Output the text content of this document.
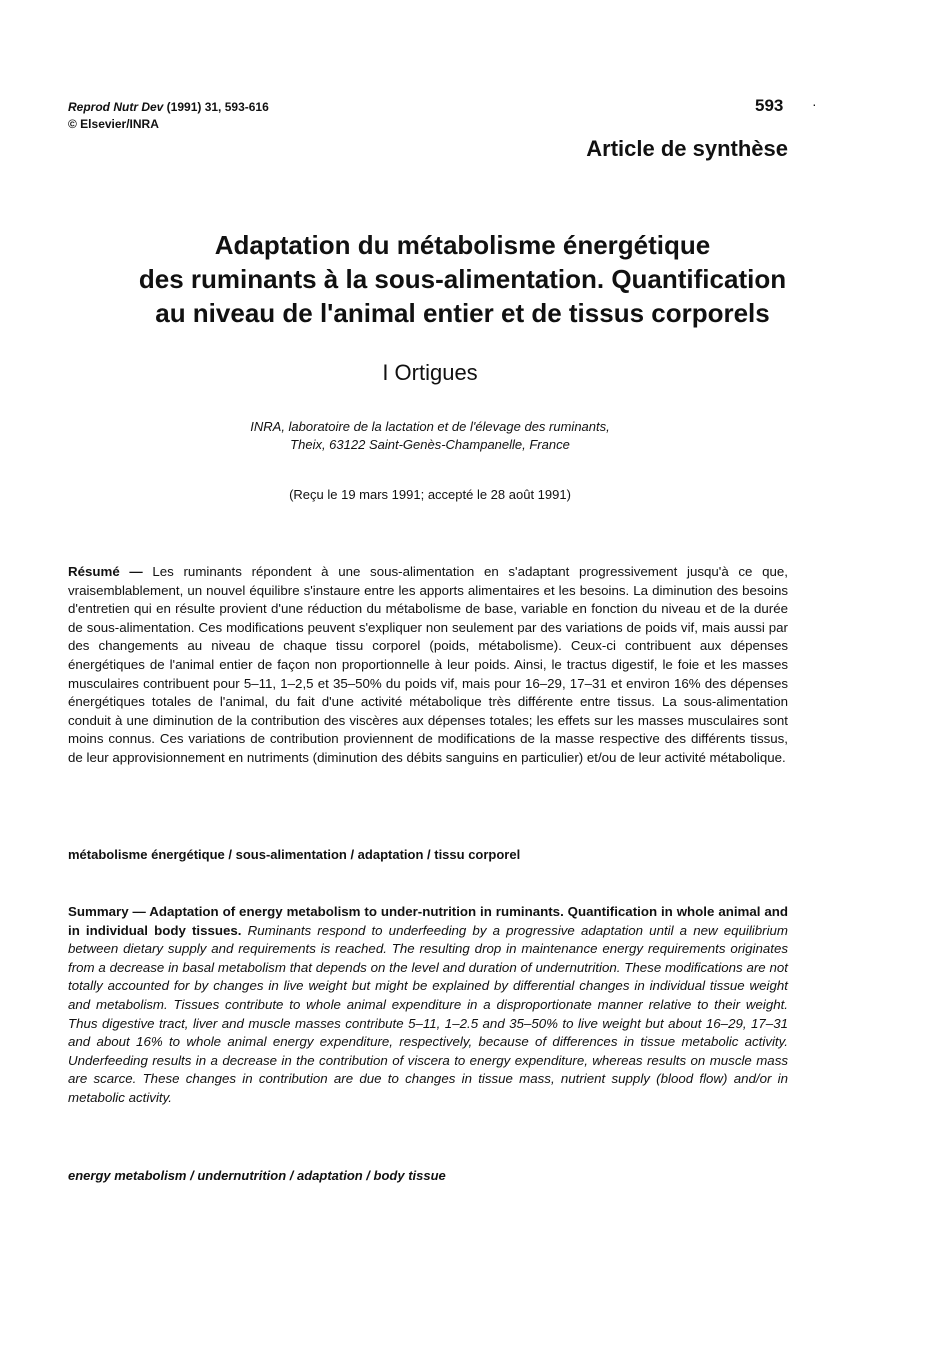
Reprod Nutr Dev (1991) 31, 593-616
© Elsevier/INRA
593 ·
Article de synthèse
Adaptation du métabolisme énergétique
des ruminants à la sous-alimentation. Quantification
au niveau de l'animal entier et de tissus corporels
I Ortigues
INRA, laboratoire de la lactation et de l'élevage des ruminants,
Theix, 63122 Saint-Genès-Champanelle, France
(Reçu le 19 mars 1991; accepté le 28 août 1991)
Résumé — Les ruminants répondent à une sous-alimentation en s'adaptant progressivement jusqu'à ce que, vraisemblablement, un nouvel équilibre s'instaure entre les apports alimentaires et les besoins. La diminution des besoins d'entretien qui en résulte provient d'une réduction du métabolisme de base, variable en fonction du niveau et de la durée de sous-alimentation. Ces modifications peuvent s'expliquer non seulement par des variations de poids vif, mais aussi par des changements au niveau de chaque tissu corporel (poids, métabolisme). Ceux-ci contribuent aux dépenses énergétiques de l'animal entier de façon non proportionnelle à leur poids. Ainsi, le tractus digestif, le foie et les masses musculaires contribuent pour 5–11, 1–2,5 et 35–50% du poids vif, mais pour 16–29, 17–31 et environ 16% des dépenses énergétiques totales de l'animal, du fait d'une activité métabolique très différente entre tissus. La sous-alimentation conduit à une diminution de la contribution des viscères aux dépenses totales; les effets sur les masses musculaires sont moins connus. Ces variations de contribution proviennent de modifications de la masse respective des différents tissus, de leur approvisionnement en nutriments (diminution des débits sanguins en particulier) et/ou de leur activité métabolique.
métabolisme énergétique / sous-alimentation / adaptation / tissu corporel
Summary — Adaptation of energy metabolism to under-nutrition in ruminants. Quantification in whole animal and in individual body tissues. Ruminants respond to underfeeding by a progressive adaptation until a new equilibrium between dietary supply and requirements is reached. The resulting drop in maintenance energy requirements originates from a decrease in basal metabolism that depends on the level and duration of undernutrition. These modifications are not totally accounted for by changes in live weight but might be explained by differential changes in individual tissue weight and metabolism. Tissues contribute to whole animal expenditure in a disproportionate manner relative to their weight. Thus digestive tract, liver and muscle masses contribute 5–11, 1–2.5 and 35–50% to live weight but about 16–29, 17–31 and about 16% to whole animal energy expenditure, respectively, because of differences in tissue metabolic activity. Underfeeding results in a decrease in the contribution of viscera to energy expenditure, whereas results on muscle mass are scarce. These changes in contribution are due to changes in tissue mass, nutrient supply (blood flow) and/or in metabolic activity.
energy metabolism / undernutrition / adaptation / body tissue
